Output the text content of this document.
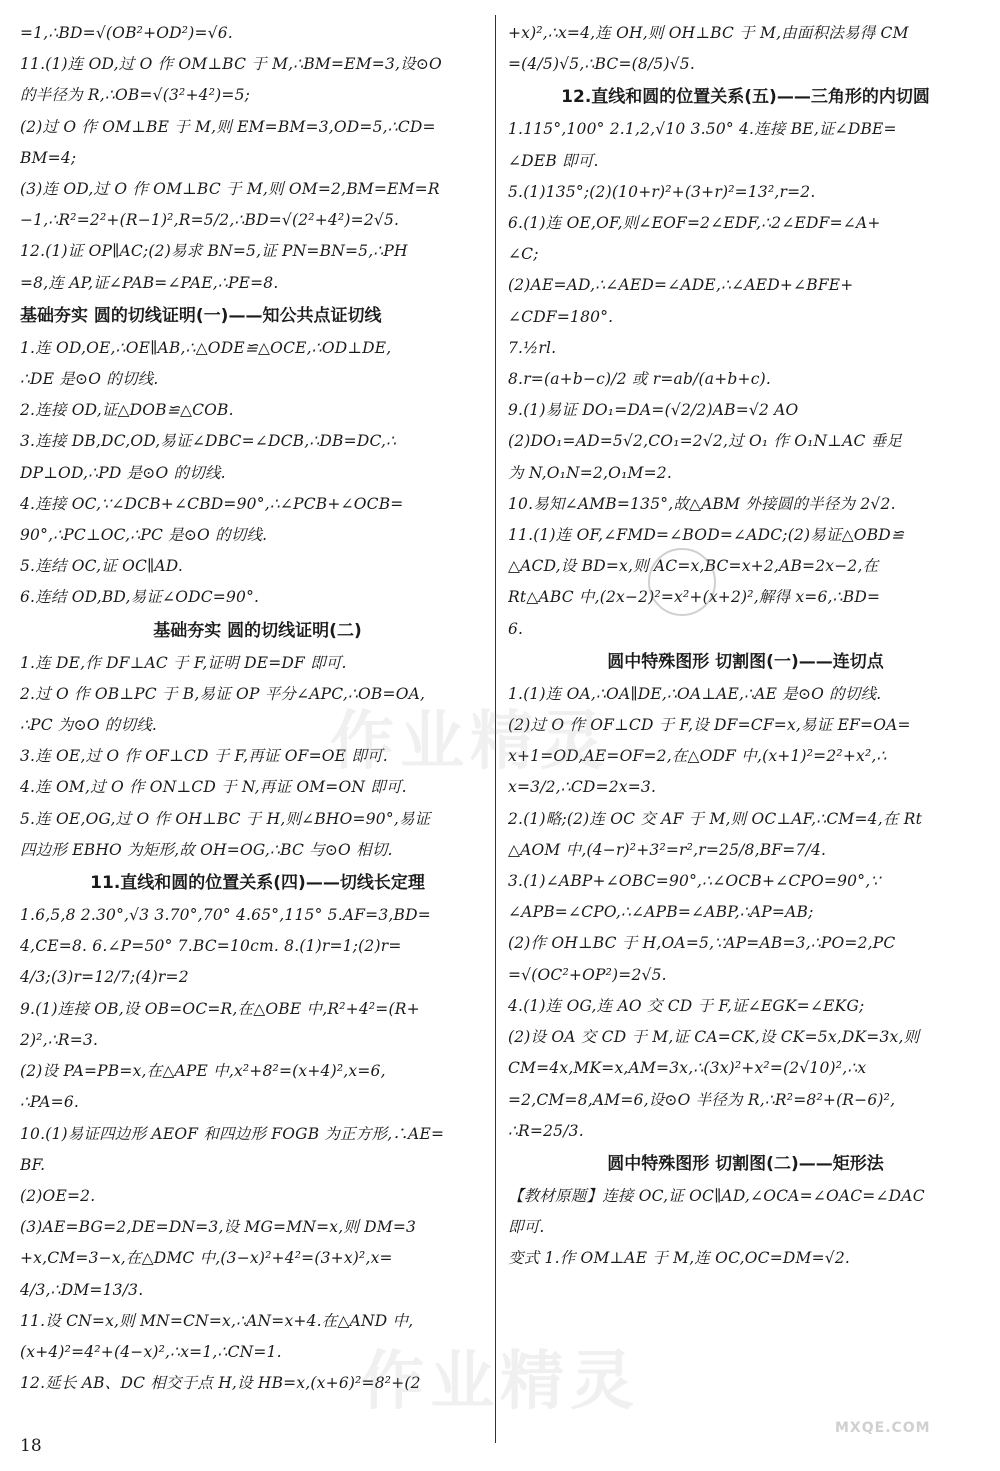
=1,∴BD=√(OB²+OD²)=√6.
11.(1)连 OD,过 O 作 OM⊥BC 于 M,∴BM=EM=3,设⊙O
的半径为 R,∴OB=√(3²+4²)=5;
(2)过 O 作 OM⊥BE 于 M,则 EM=BM=3,OD=5,∴CD=
BM=4;
(3)连 OD,过 O 作 OM⊥BC 于 M,则 OM=2,BM=EM=R
−1,∴R²=2²+(R−1)²,R=5/2,∴BD=√(2²+4²)=2√5.
12.(1)证 OP∥AC;(2)易求 BN=5,证 PN=BN=5,∴PH
=8,连 AP,证∠PAB=∠PAE,∴PE=8.
基础夯实 圆的切线证明(一)——知公共点证切线
1.连 OD,OE,∴OE∥AB,∴△ODE≌△OCE,∴OD⊥DE,
∴DE 是⊙O 的切线.
2.连接 OD,证△DOB≌△COB.
3.连接 DB,DC,OD,易证∠DBC=∠DCB,∴DB=DC,∴
DP⊥OD,∴PD 是⊙O 的切线.
4.连接 OC,∵∠DCB+∠CBD=90°,∴∠PCB+∠OCB=
90°,∴PC⊥OC,∴PC 是⊙O 的切线.
5.连结 OC,证 OC∥AD.
6.连结 OD,BD,易证∠ODC=90°.
基础夯实 圆的切线证明(二)
1.连 DE,作 DF⊥AC 于 F,证明 DE=DF 即可.
2.过 O 作 OB⊥PC 于 B,易证 OP 平分∠APC,∴OB=OA,
∴PC 为⊙O 的切线.
3.连 OE,过 O 作 OF⊥CD 于 F,再证 OF=OE 即可.
4.连 OM,过 O 作 ON⊥CD 于 N,再证 OM=ON 即可.
5.连 OE,OG,过 O 作 OH⊥BC 于 H,则∠BHO=90°,易证
四边形 EBHO 为矩形,故 OH=OG,∴BC 与⊙O 相切.
11.直线和圆的位置关系(四)——切线长定理
1.6,5,8 2.30°,√3 3.70°,70° 4.65°,115° 5.AF=3,BD=
4,CE=8. 6.∠P=50° 7.BC=10cm. 8.(1)r=1;(2)r=
4/3;(3)r=12/7;(4)r=2
9.(1)连接 OB,设 OB=OC=R,在△OBE 中,R²+4²=(R+
2)²,∴R=3.
(2)设 PA=PB=x,在△APE 中,x²+8²=(x+4)²,x=6,
∴PA=6.
10.(1)易证四边形 AEOF 和四边形 FOGB 为正方形,∴AE=
BF.
(2)OE=2.
(3)AE=BG=2,DE=DN=3,设 MG=MN=x,则 DM=3
+x,CM=3−x,在△DMC 中,(3−x)²+4²=(3+x)²,x=
4/3,∴DM=13/3.
11.设 CN=x,则 MN=CN=x,∴AN=x+4.在△AND 中,
(x+4)²=4²+(4−x)²,∴x=1,∴CN=1.
12.延长 AB、DC 相交于点 H,设 HB=x,(x+6)²=8²+(2
+x)²,∴x=4,连 OH,则 OH⊥BC 于 M,由面积法易得 CM
=(4/5)√5,∴BC=(8/5)√5.
12.直线和圆的位置关系(五)——三角形的内切圆
1.115°,100° 2.1,2,√10 3.50° 4.连接 BE,证∠DBE=
∠DEB 即可.
5.(1)135°;(2)(10+r)²+(3+r)²=13²,r=2.
6.(1)连 OE,OF,则∠EOF=2∠EDF,∴2∠EDF=∠A+
∠C;
(2)AE=AD,∴∠AED=∠ADE,∴∠AED+∠BFE+
∠CDF=180°.
7.½rl.
8.r=(a+b−c)/2 或 r=ab/(a+b+c).
9.(1)易证 DO₁=DA=(√2/2)AB=√2 AO
(2)DO₁=AD=5√2,CO₁=2√2,过 O₁ 作 O₁N⊥AC 垂足
为 N,O₁N=2,O₁M=2.
10.易知∠AMB=135°,故△ABM 外接圆的半径为 2√2.
11.(1)连 OF,∠FMD=∠BOD=∠ADC;(2)易证△OBD≌
△ACD,设 BD=x,则 AC=x,BC=x+2,AB=2x−2,在
Rt△ABC 中,(2x−2)²=x²+(x+2)²,解得 x=6,∴BD=
6.
圆中特殊图形 切割图(一)——连切点
1.(1)连 OA,∴OA∥DE,∴OA⊥AE,∴AE 是⊙O 的切线.
(2)过 O 作 OF⊥CD 于 F,设 DF=CF=x,易证 EF=OA=
x+1=OD,AE=OF=2,在△ODF 中,(x+1)²=2²+x²,∴
x=3/2,∴CD=2x=3.
2.(1)略;(2)连 OC 交 AF 于 M,则 OC⊥AF,∴CM=4,在 Rt
△AOM 中,(4−r)²+3²=r²,r=25/8,BF=7/4.
3.(1)∠ABP+∠OBC=90°,∴∠OCB+∠CPO=90°,∵
∠APB=∠CPO,∴∠APB=∠ABP,∴AP=AB;
(2)作 OH⊥BC 于 H,OA=5,∵AP=AB=3,∴PO=2,PC
=√(OC²+OP²)=2√5.
4.(1)连 OG,连 AO 交 CD 于 F,证∠EGK=∠EKG;
(2)设 OA 交 CD 于 M,证 CA=CK,设 CK=5x,DK=3x,则
CM=4x,MK=x,AM=3x,∴(3x)²+x²=(2√10)²,∴x
=2,CM=8,AM=6,设⊙O 半径为 R,∴R²=8²+(R−6)²,
∴R=25/3.
圆中特殊图形 切割图(二)——矩形法
【教材原题】连接 OC,证 OC∥AD,∠OCA=∠OAC=∠DAC
即可.
变式 1.作 OM⊥AE 于 M,连 OC,OC=DM=√2.
作业精灵
作业精灵
MXQE.COM
18
